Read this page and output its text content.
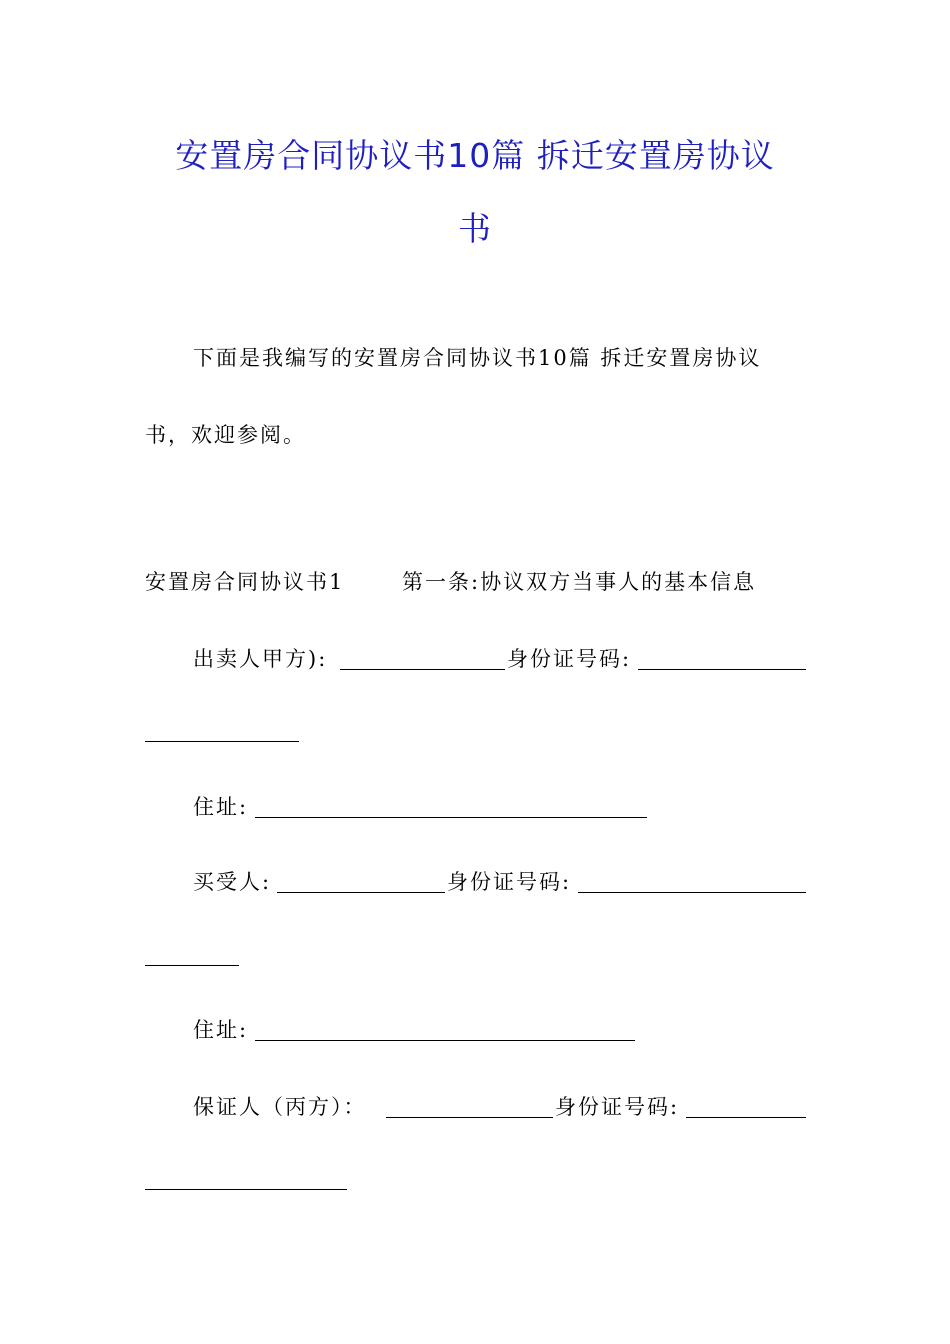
安置房合同协议书10篇 拆迁安置房协议
书
下面是我编写的安置房合同协议书10篇 拆迁安置房协议
书，欢迎参阅。
安置房合同协议书1	第一条:协议双方当事人的基本信息
出卖人甲方):	身份证号码:
住址:
买受人:	身份证号码:
住址:
保证人（丙方）：	身份证号码:
